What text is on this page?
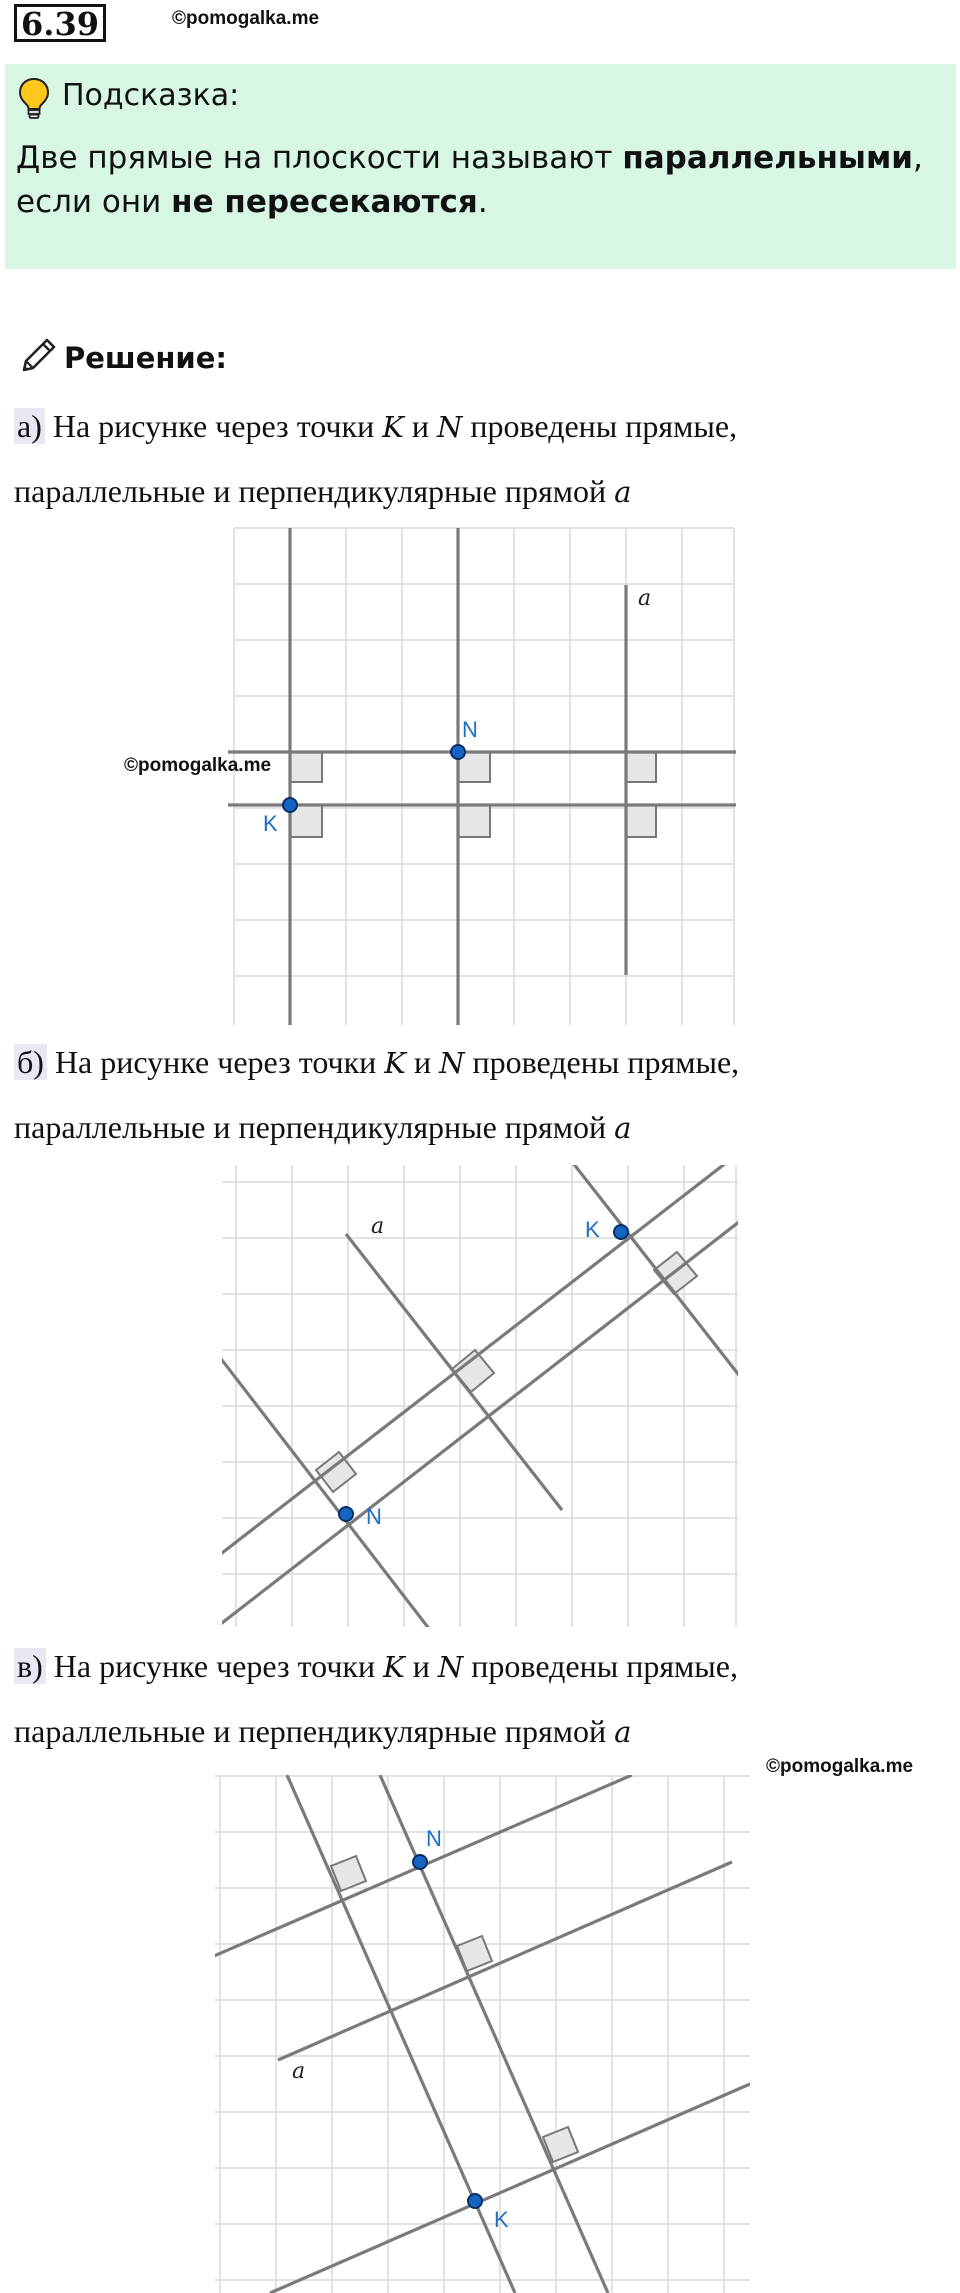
6.39	©pomogalka.me
Подсказка:
Две прямые на плоскости называют параллельными, если они не пересекаются.
Решение:
а) На рисунке через точки K и N проведены прямые,
параллельные и перпендикулярные прямой a
N
K
a
©pomogalka.me
б) На рисунке через точки K и N проведены прямые,
параллельные и перпендикулярные прямой a
K
N
a
в) На рисунке через точки K и N проведены прямые,
параллельные и перпендикулярные прямой a
©pomogalka.me
N
K
a
